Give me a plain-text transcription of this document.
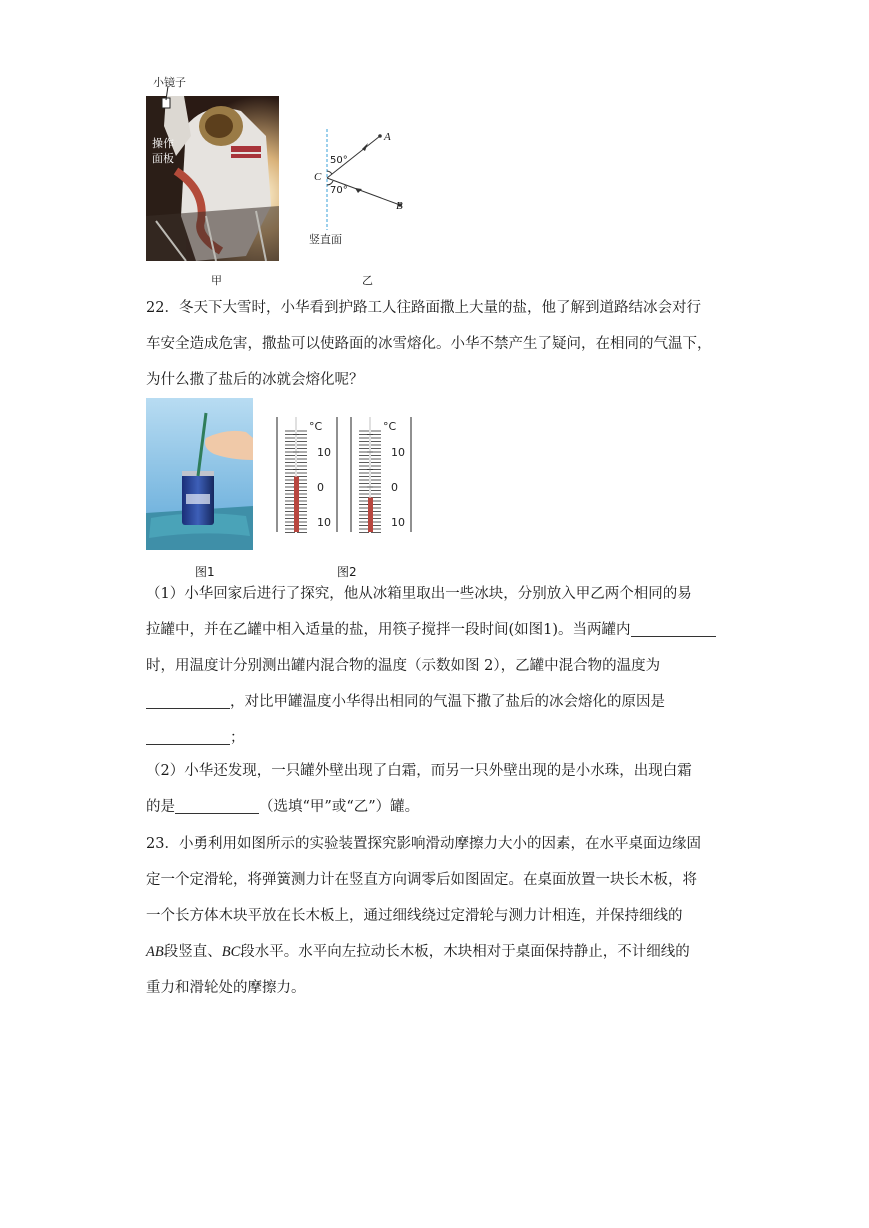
小镜子
操作面板
甲
A
B
C
50°
70°
竖直面
乙
22．冬天下大雪时，小华看到护路工人往路面撒上大量的盐，他了解到道路结冰会对行
车安全造成危害，撒盐可以使路面的冰雪熔化。小华不禁产生了疑问，在相同的气温下，
为什么撒了盐后的冰就会熔化呢？
图1
°C
10
0
10
°C
10
0
10
图2
（1）小华回家后进行了探究，他从冰箱里取出一些冰块，分别放入甲乙两个相同的易
拉罐中，并在乙罐中相入适量的盐，用筷子搅拌一段时间(如图1)。当两罐内
时，用温度计分别测出罐内混合物的温度（示数如图 2），乙罐中混合物的温度为
，对比甲罐温度小华得出相同的气温下撒了盐后的冰会熔化的原因是
；
（2）小华还发现，一只罐外壁出现了白霜，而另一只外壁出现的是小水珠，出现白霜
的是	（选填“甲”或“乙”）罐。
23．小勇利用如图所示的实验装置探究影响滑动摩擦力大小的因素，在水平桌面边缘固
定一个定滑轮，将弹簧测力计在竖直方向调零后如图固定。在桌面放置一块长木板，将
一个长方体木块平放在长木板上，通过细线绕过定滑轮与测力计相连，并保持细线的
AB段竖直、BC段水平。水平向左拉动长木板，木块相对于桌面保持静止，不计细线的
重力和滑轮处的摩擦力。
